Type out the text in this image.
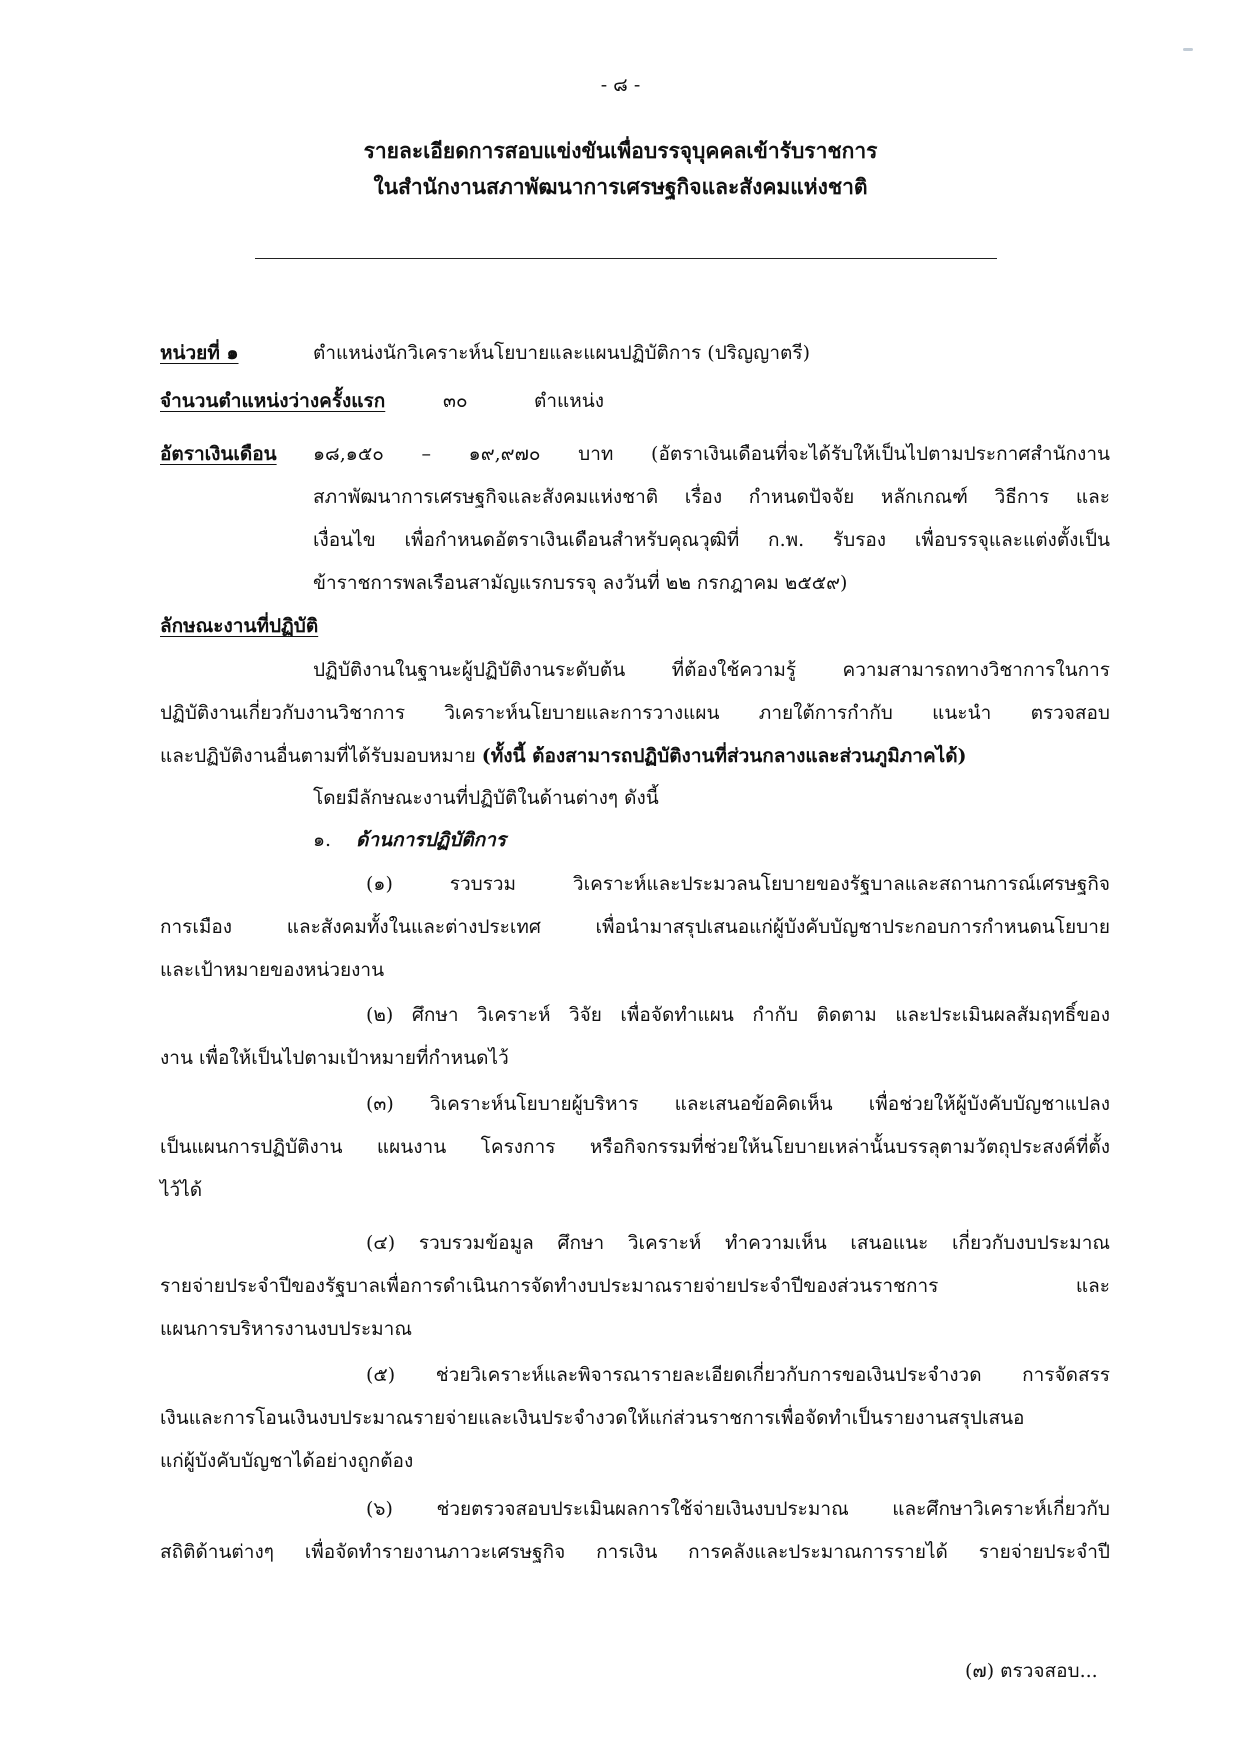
- ๘ -
รายละเอียดการสอบแข่งขันเพื่อบรรจุบุคคลเข้ารับราชการ
ในสำนักงานสภาพัฒนาการเศรษฐกิจและสังคมแห่งชาติ
หน่วยที่ ๑	ตำแหน่งนักวิเคราะห์นโยบายและแผนปฏิบัติการ (ปริญญาตรี)
จำนวนตำแหน่งว่างครั้งแรก	๓๐	ตำแหน่ง
อัตราเงินเดือน ๑๘,๑๕๐ – ๑๙,๙๗๐ บาท (อัตราเงินเดือนที่จะได้รับให้เป็นไปตามประกาศสำนักงาน
สภาพัฒนาการเศรษฐกิจและสังคมแห่งชาติ เรื่อง กำหนดปัจจัย หลักเกณฑ์ วิธีการ และ
เงื่อนไข เพื่อกำหนดอัตราเงินเดือนสำหรับคุณวุฒิที่ ก.พ. รับรอง เพื่อบรรจุและแต่งตั้งเป็น
ข้าราชการพลเรือนสามัญแรกบรรจุ ลงวันที่ ๒๒ กรกฎาคม ๒๕๕๙)
ลักษณะงานที่ปฏิบัติ
ปฏิบัติงานในฐานะผู้ปฏิบัติงานระดับต้น ที่ต้องใช้ความรู้ ความสามารถทางวิชาการในการ
ปฏิบัติงานเกี่ยวกับงานวิชาการ วิเคราะห์นโยบายและการวางแผน ภายใต้การกำกับ แนะนำ ตรวจสอบ
และปฏิบัติงานอื่นตามที่ได้รับมอบหมาย (ทั้งนี้ ต้องสามารถปฏิบัติงานที่ส่วนกลางและส่วนภูมิภาคได้)
โดยมีลักษณะงานที่ปฏิบัติในด้านต่างๆ ดังนี้
๑. ด้านการปฏิบัติการ
(๑) รวบรวม วิเคราะห์และประมวลนโยบายของรัฐบาลและสถานการณ์เศรษฐกิจ
การเมือง และสังคมทั้งในและต่างประเทศ เพื่อนำมาสรุปเสนอแก่ผู้บังคับบัญชาประกอบการกำหนดนโยบาย
และเป้าหมายของหน่วยงาน
(๒) ศึกษา วิเคราะห์ วิจัย เพื่อจัดทำแผน กำกับ ติดตาม และประเมินผลสัมฤทธิ์ของ
งาน เพื่อให้เป็นไปตามเป้าหมายที่กำหนดไว้
(๓) วิเคราะห์นโยบายผู้บริหาร และเสนอข้อคิดเห็น เพื่อช่วยให้ผู้บังคับบัญชาแปลง
เป็นแผนการปฏิบัติงาน แผนงาน โครงการ หรือกิจกรรมที่ช่วยให้นโยบายเหล่านั้นบรรลุตามวัตถุประสงค์ที่ตั้ง
ไว้ได้
(๔) รวบรวมข้อมูล ศึกษา วิเคราะห์ ทำความเห็น เสนอแนะ เกี่ยวกับงบประมาณ
รายจ่ายประจำปีของรัฐบาลเพื่อการดำเนินการจัดทำงบประมาณรายจ่ายประจำปีของส่วนราชการ และ
แผนการบริหารงานงบประมาณ
(๕) ช่วยวิเคราะห์และพิจารณารายละเอียดเกี่ยวกับการขอเงินประจำงวด การจัดสรร
เงินและการโอนเงินงบประมาณรายจ่ายและเงินประจำงวดให้แก่ส่วนราชการเพื่อจัดทำเป็นรายงานสรุปเสนอ
แก่ผู้บังคับบัญชาได้อย่างถูกต้อง
(๖) ช่วยตรวจสอบประเมินผลการใช้จ่ายเงินงบประมาณ และศึกษาวิเคราะห์เกี่ยวกับ
สถิติด้านต่างๆ เพื่อจัดทำรายงานภาวะเศรษฐกิจ การเงิน การคลังและประมาณการรายได้ รายจ่ายประจำปี
(๗) ตรวจสอบ...
